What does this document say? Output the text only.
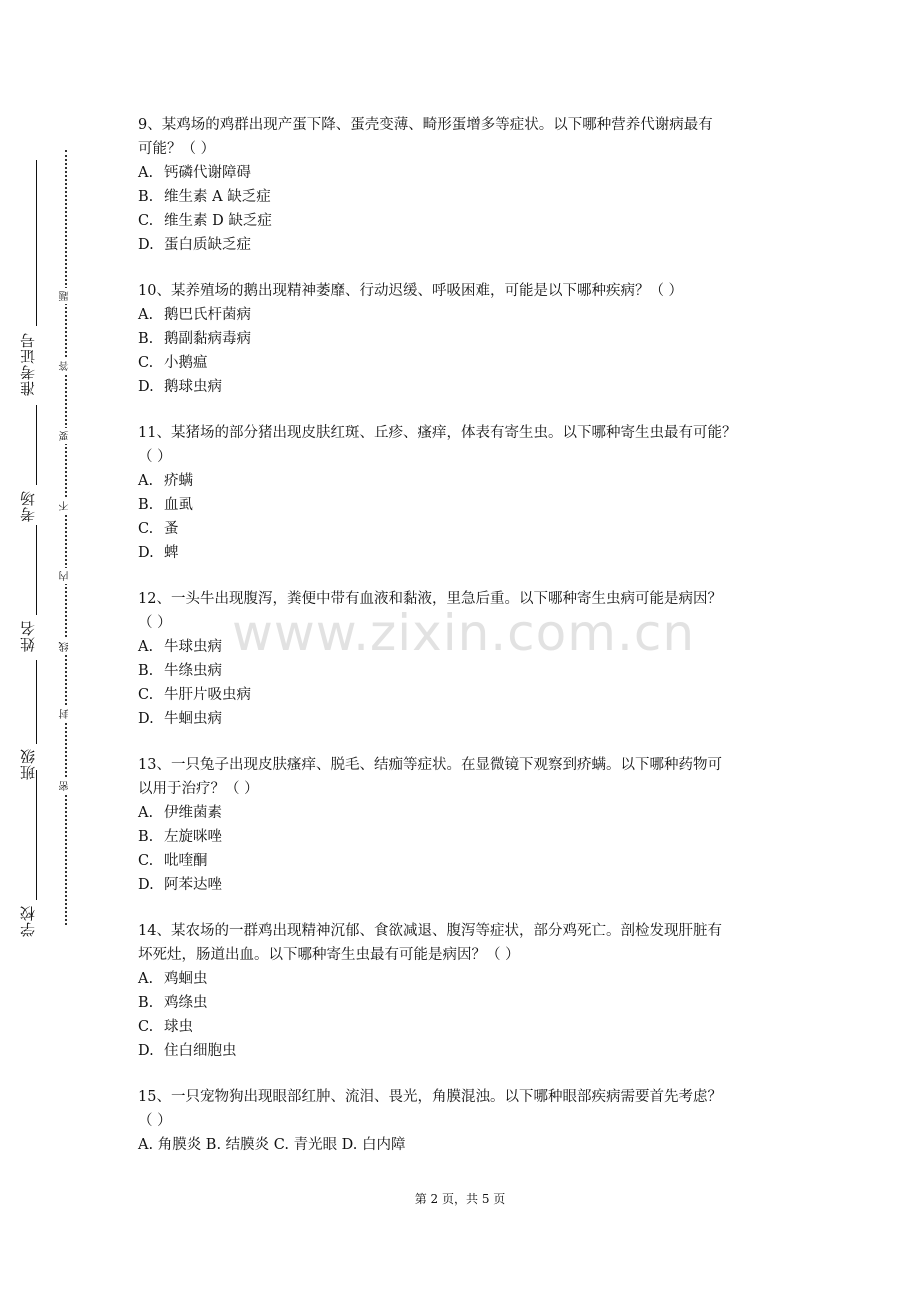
学校
班级
姓名
考场
准考证号
密
封
线
内
不
要
答
题
www.zixin.com.cn

9、某鸡场的鸡群出现产蛋下降、蛋壳变薄、畸形蛋增多等症状。以下哪种营养代谢病最有

可能？（ ）

A. 钙磷代谢障碍

B. 维生素 A 缺乏症

C. 维生素 D 缺乏症

D. 蛋白质缺乏症

10、某养殖场的鹅出现精神萎靡、行动迟缓、呼吸困难，可能是以下哪种疾病？（ ）

A. 鹅巴氏杆菌病

B. 鹅副黏病毒病

C. 小鹅瘟

D. 鹅球虫病

11、某猪场的部分猪出现皮肤红斑、丘疹、瘙痒，体表有寄生虫。以下哪种寄生虫最有可能？

（ ）

A. 疥螨

B. 血虱

C. 蚤

D. 蜱

12、一头牛出现腹泻，粪便中带有血液和黏液，里急后重。以下哪种寄生虫病可能是病因？

（ ）

A. 牛球虫病

B. 牛绦虫病

C. 牛肝片吸虫病

D. 牛蛔虫病

13、一只兔子出现皮肤瘙痒、脱毛、结痂等症状。在显微镜下观察到疥螨。以下哪种药物可

以用于治疗？（ ）

A. 伊维菌素

B. 左旋咪唑

C. 吡喹酮

D. 阿苯达唑

14、某农场的一群鸡出现精神沉郁、食欲减退、腹泻等症状，部分鸡死亡。剖检发现肝脏有

坏死灶，肠道出血。以下哪种寄生虫最有可能是病因？（ ）

A. 鸡蛔虫

B. 鸡绦虫

C. 球虫

D. 住白细胞虫

15、一只宠物狗出现眼部红肿、流泪、畏光，角膜混浊。以下哪种眼部疾病需要首先考虑？

（ ）

A. 角膜炎 B. 结膜炎 C. 青光眼 D. 白内障

第 2 页，共 5 页
